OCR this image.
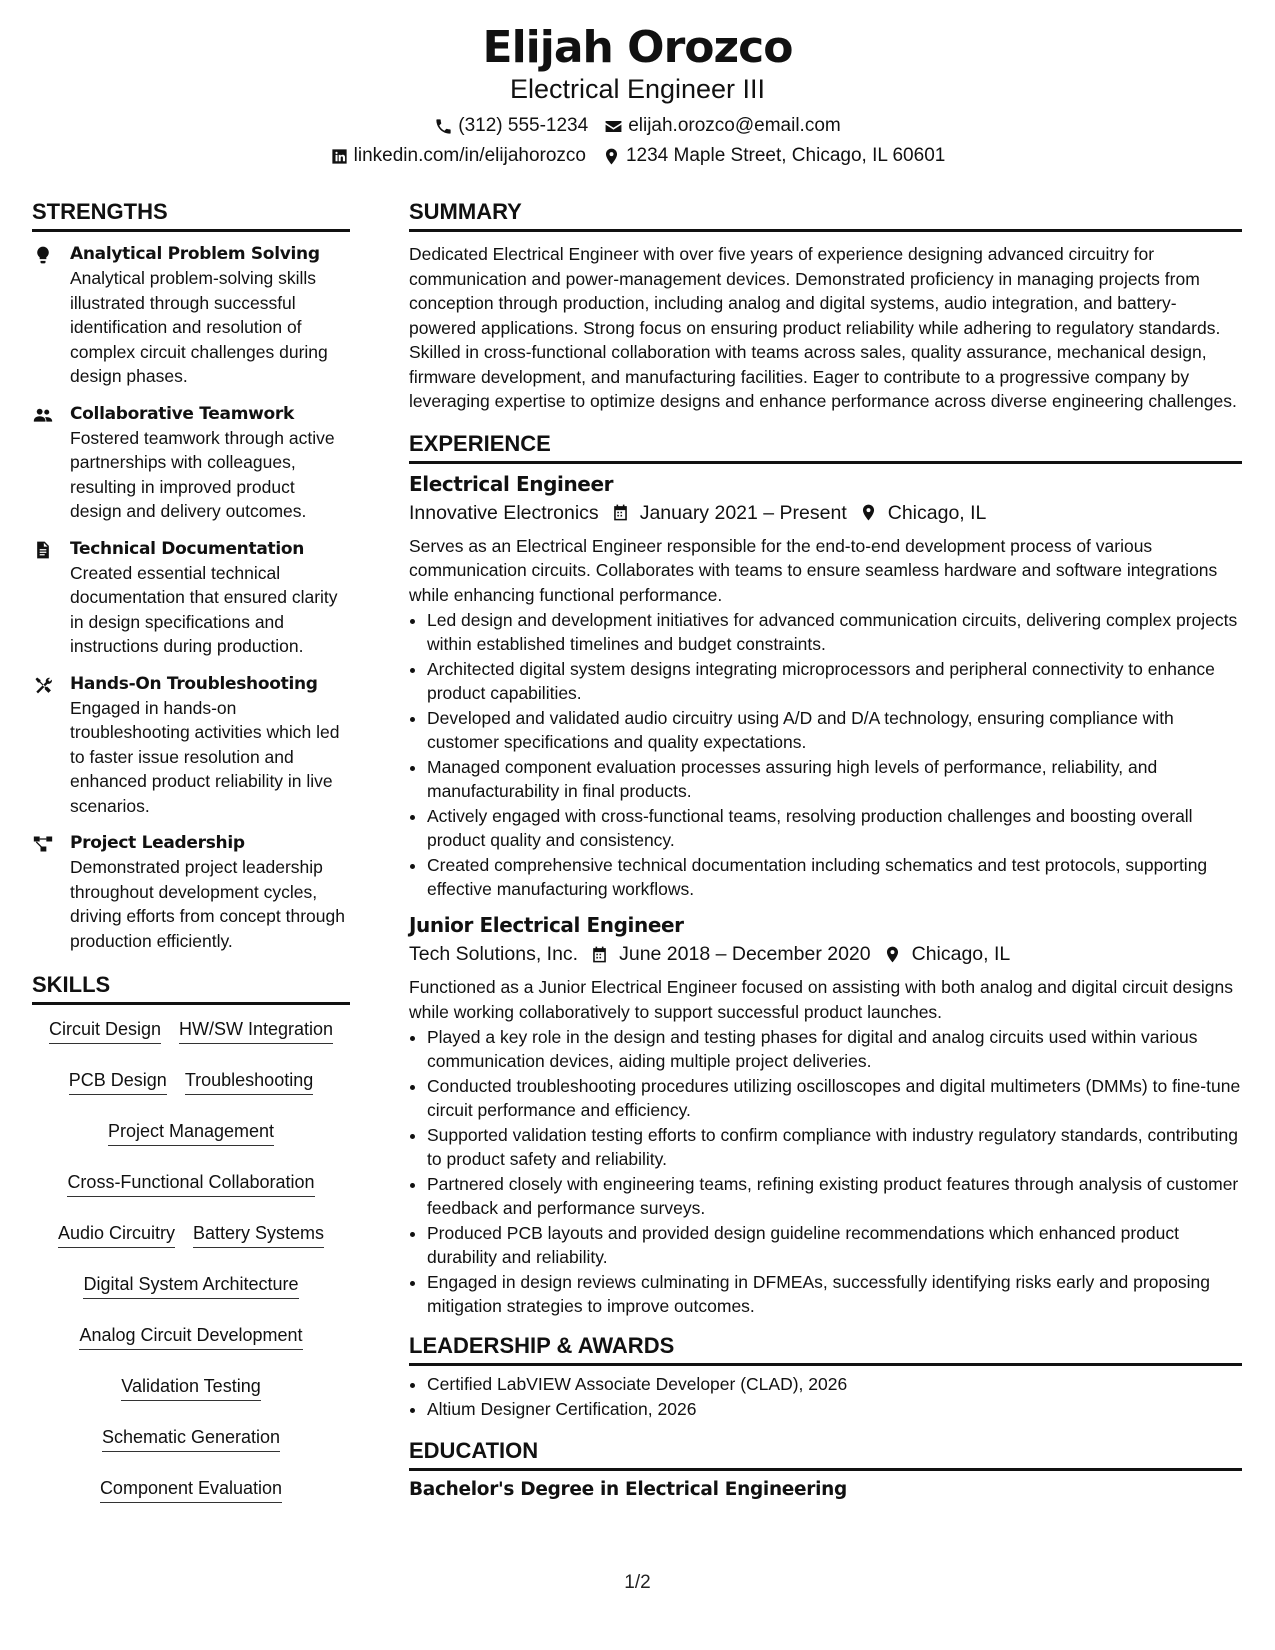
Elijah Orozco
Electrical Engineer III
(312) 555-1234 elijah.orozco@email.com
linkedin.com/in/elijahorozco 1234 Maple Street, Chicago, IL 60601
STRENGTHS
Analytical Problem Solving
Analytical problem-solving skills illustrated through successful identification and resolution of complex circuit challenges during design phases.
Collaborative Teamwork
Fostered teamwork through active partnerships with colleagues, resulting in improved product design and delivery outcomes.
Technical Documentation
Created essential technical documentation that ensured clarity in design specifications and instructions during production.
Hands-On Troubleshooting
Engaged in hands-on troubleshooting activities which led to faster issue resolution and enhanced product reliability in live scenarios.
Project Leadership
Demonstrated project leadership throughout development cycles, driving efforts from concept through production efficiently.
SKILLS
Circuit Design HW/SW Integration
PCB Design Troubleshooting
Project Management
Cross-Functional Collaboration
Audio Circuitry Battery Systems
Digital System Architecture
Analog Circuit Development
Validation Testing
Schematic Generation
Component Evaluation
SUMMARY
Dedicated Electrical Engineer with over five years of experience designing advanced circuitry for communication and power-management devices. Demonstrated proficiency in managing projects from conception through production, including analog and digital systems, audio integration, and battery-powered applications. Strong focus on ensuring product reliability while adhering to regulatory standards. Skilled in cross-functional collaboration with teams across sales, quality assurance, mechanical design, firmware development, and manufacturing facilities. Eager to contribute to a progressive company by leveraging expertise to optimize designs and enhance performance across diverse engineering challenges.
EXPERIENCE
Electrical Engineer
Innovative Electronics January 2021 – Present Chicago, IL
Serves as an Electrical Engineer responsible for the end-to-end development process of various communication circuits. Collaborates with teams to ensure seamless hardware and software integrations while enhancing functional performance.
• Led design and development initiatives for advanced communication circuits, delivering complex projects within established timelines and budget constraints.
• Architected digital system designs integrating microprocessors and peripheral connectivity to enhance product capabilities.
• Developed and validated audio circuitry using A/D and D/A technology, ensuring compliance with customer specifications and quality expectations.
• Managed component evaluation processes assuring high levels of performance, reliability, and manufacturability in final products.
• Actively engaged with cross-functional teams, resolving production challenges and boosting overall product quality and consistency.
• Created comprehensive technical documentation including schematics and test protocols, supporting effective manufacturing workflows.
Junior Electrical Engineer
Tech Solutions, Inc. June 2018 – December 2020 Chicago, IL
Functioned as a Junior Electrical Engineer focused on assisting with both analog and digital circuit designs while working collaboratively to support successful product launches.
• Played a key role in the design and testing phases for digital and analog circuits used within various communication devices, aiding multiple project deliveries.
• Conducted troubleshooting procedures utilizing oscilloscopes and digital multimeters (DMMs) to fine-tune circuit performance and efficiency.
• Supported validation testing efforts to confirm compliance with industry regulatory standards, contributing to product safety and reliability.
• Partnered closely with engineering teams, refining existing product features through analysis of customer feedback and performance surveys.
• Produced PCB layouts and provided design guideline recommendations which enhanced product durability and reliability.
• Engaged in design reviews culminating in DFMEAs, successfully identifying risks early and proposing mitigation strategies to improve outcomes.
LEADERSHIP & AWARDS
• Certified LabVIEW Associate Developer (CLAD), 2026
• Altium Designer Certification, 2026
EDUCATION
Bachelor's Degree in Electrical Engineering
1/2
